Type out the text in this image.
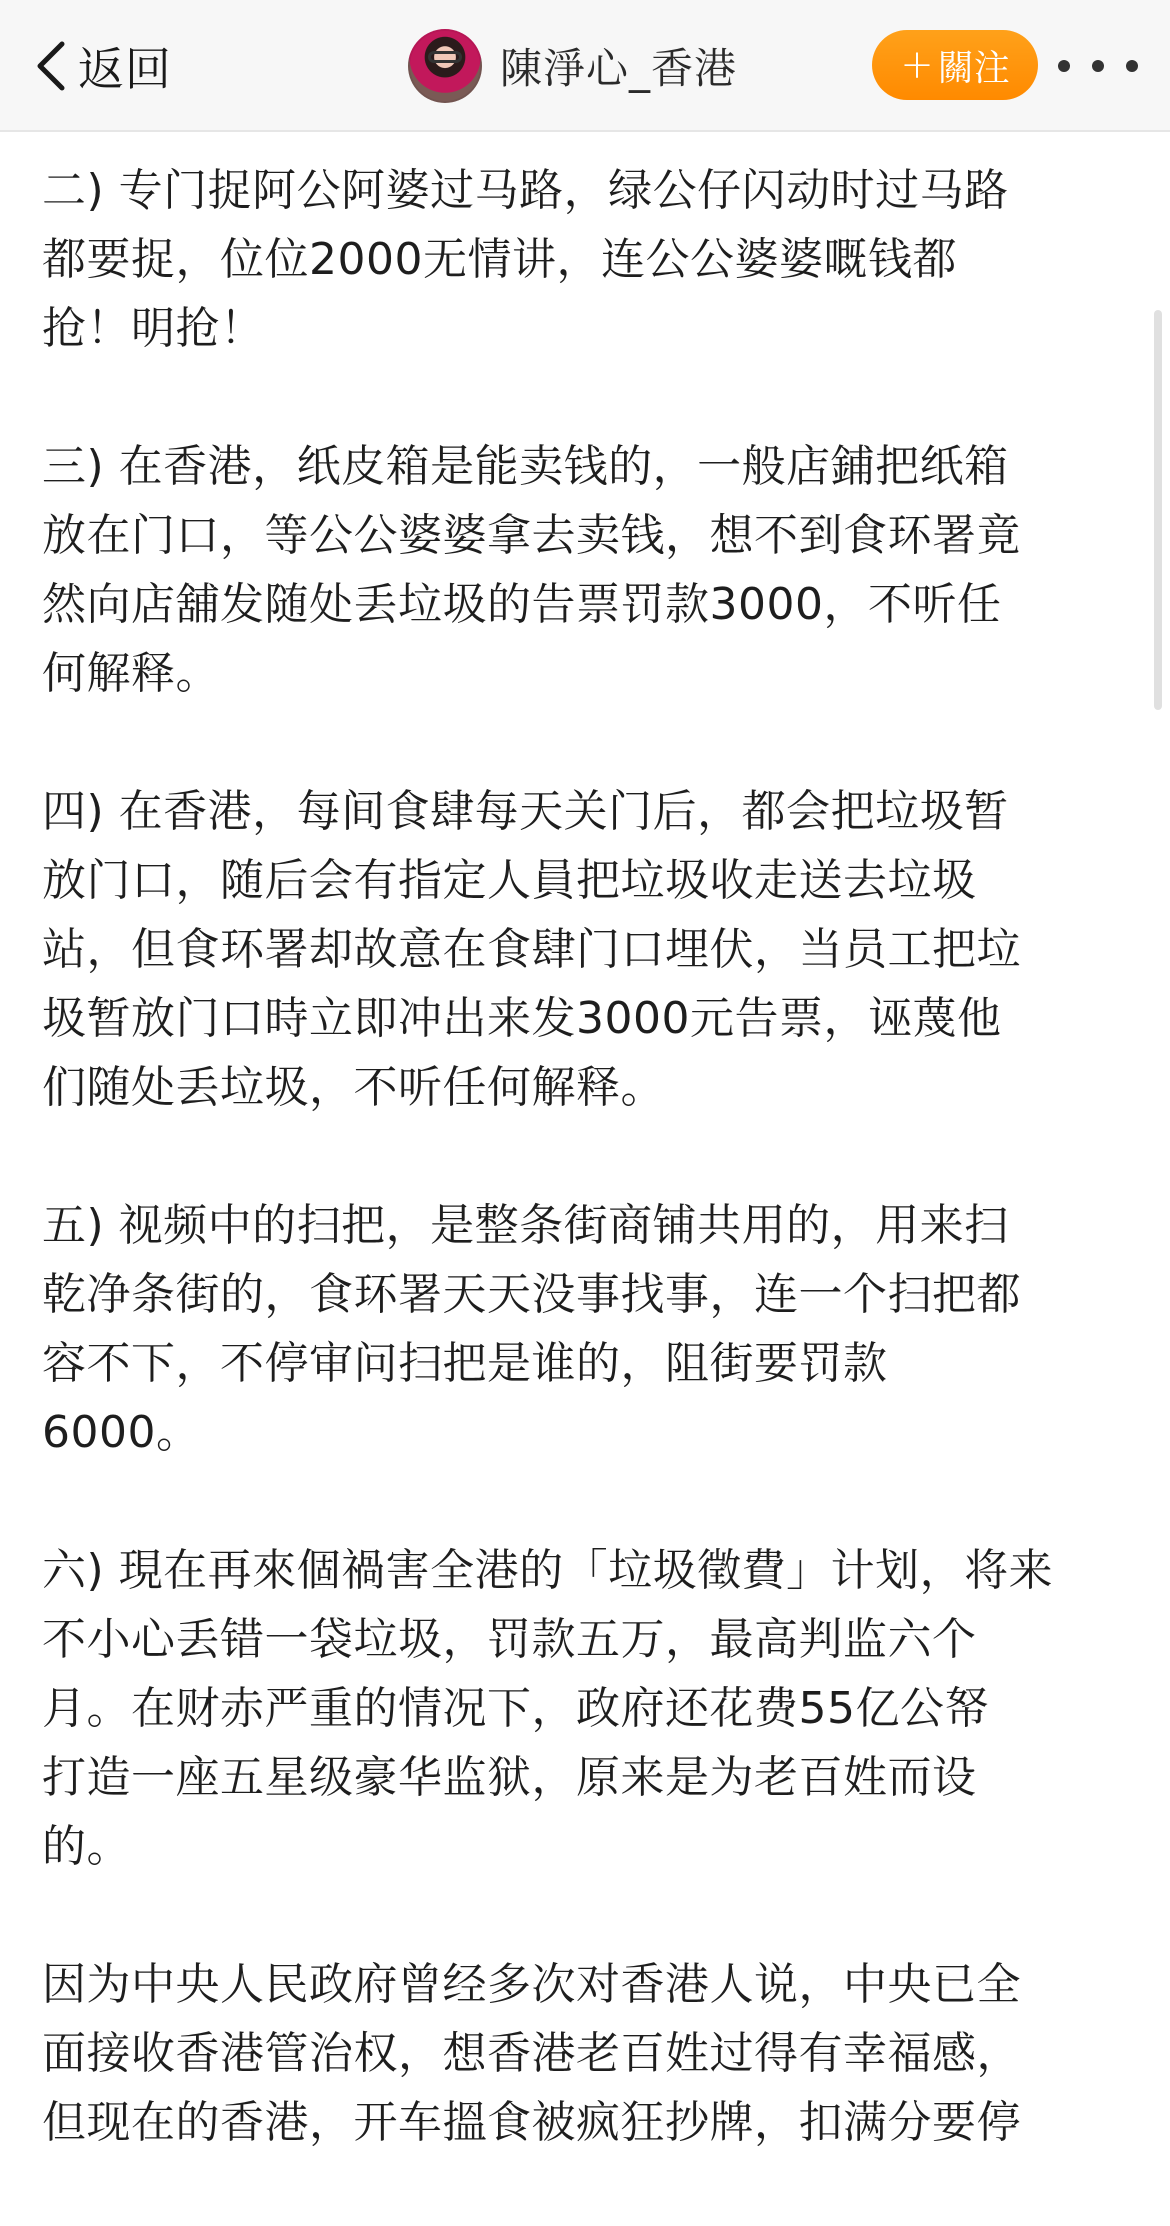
返回	陳淨心_香港	+ 關注

二) 专门捉阿公阿婆过马路，绿公仔闪动时过马路
都要捉，位位2000无情讲，连公公婆婆嘅钱都
抢！明抢！

三) 在香港，纸皮箱是能卖钱的，一般店鋪把纸箱
放在门口，等公公婆婆拿去卖钱，想不到食环署竟
然向店舖发随处丢垃圾的告票罚款3000，不听任
何解释。

四) 在香港，每间食肆每天关门后，都会把垃圾暂
放门口，随后会有指定人員把垃圾收走送去垃圾
站，但食环署却故意在食肆门口埋伏，当员工把垃
圾暂放门口時立即冲出来发3000元告票，诬蔑他
们随处丢垃圾，不听任何解释。

五) 视频中的扫把，是整条街商铺共用的，用来扫
乾净条街的，食环署天天没事找事，连一个扫把都
容不下，不停审问扫把是谁的，阻街要罚款
6000。

六) 現在再來個禍害全港的「垃圾徵費」计划，将来
不小心丢错一袋垃圾，罚款五万，最高判监六个
月。在财赤严重的情况下，政府还花费55亿公帑
打造一座五星级豪华监狱，原来是为老百姓而设
的。

因为中央人民政府曾经多次对香港人说，中央已全
面接收香港管治权，想香港老百姓过得有幸福感，
但现在的香港，开车搵食被疯狂抄牌，扣满分要停
